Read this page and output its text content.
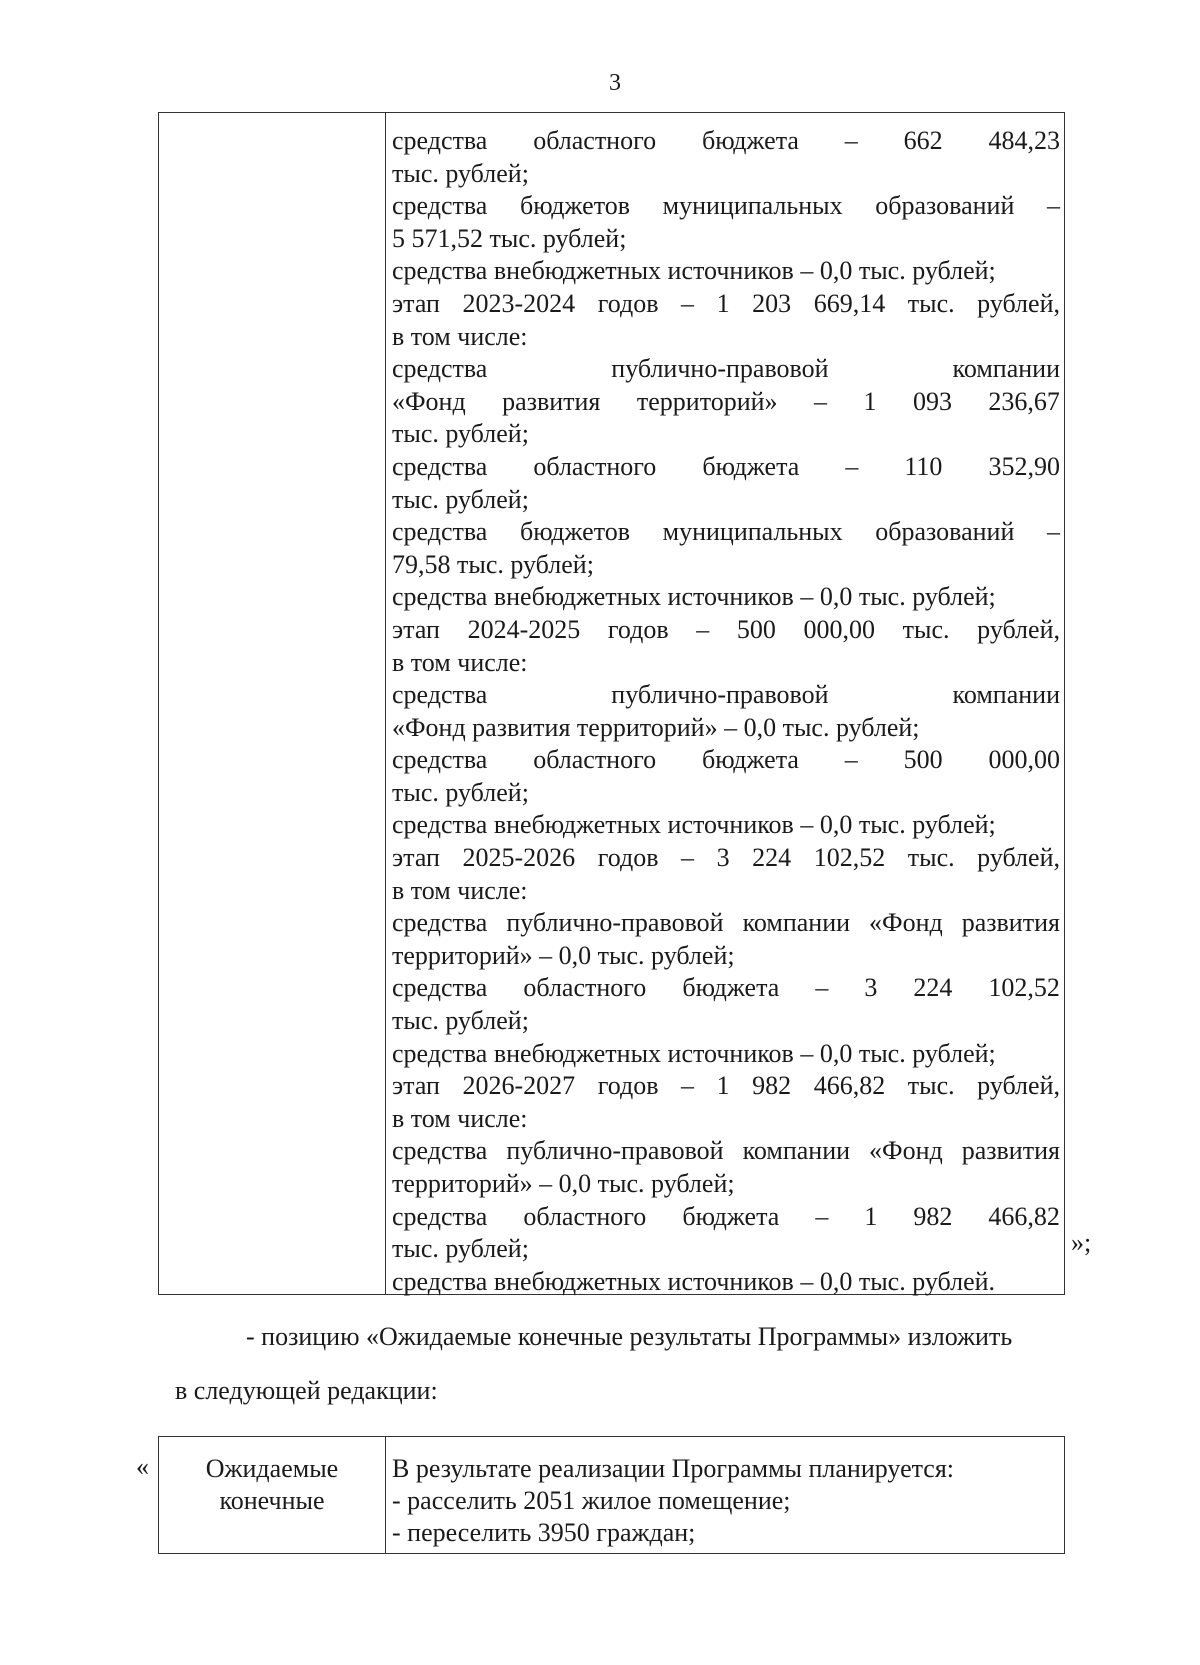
3
средства областного бюджета – 662 484,23
тыс. рублей;
средства бюджетов муниципальных образований –
5 571,52 тыс. рублей;
средства внебюджетных источников – 0,0 тыс. рублей;
этап 2023-2024 годов – 1 203 669,14 тыс. рублей,
в том числе:
средства	публично-правовой	компании
«Фонд развития территорий» – 1 093 236,67
тыс. рублей;
средства областного бюджета – 110 352,90
тыс. рублей;
средства бюджетов муниципальных образований –
79,58 тыс. рублей;
средства внебюджетных источников – 0,0 тыс. рублей;
этап 2024-2025 годов – 500 000,00 тыс. рублей,
в том числе:
средства	публично-правовой	компании
«Фонд развития территорий» – 0,0 тыс. рублей;
средства областного бюджета – 500 000,00
тыс. рублей;
средства внебюджетных источников – 0,0 тыс. рублей;
этап 2025-2026 годов – 3 224 102,52 тыс. рублей,
в том числе:
средства публично-правовой компании «Фонд развития
территорий» – 0,0 тыс. рублей;
средства областного бюджета – 3 224 102,52
тыс. рублей;
средства внебюджетных источников – 0,0 тыс. рублей;
этап 2026-2027 годов – 1 982 466,82 тыс. рублей,
в том числе:
средства публично-правовой компании «Фонд развития
территорий» – 0,0 тыс. рублей;
средства областного бюджета – 1 982 466,82
тыс. рублей;
средства внебюджетных источников – 0,0 тыс. рублей.
»;
- позицию «Ожидаемые конечные результаты Программы» изложить
в следующей редакции:
«	Ожидаемые
конечные
В результате реализации Программы планируется:
- расселить 2051 жилое помещение;
- переселить 3950 граждан;
